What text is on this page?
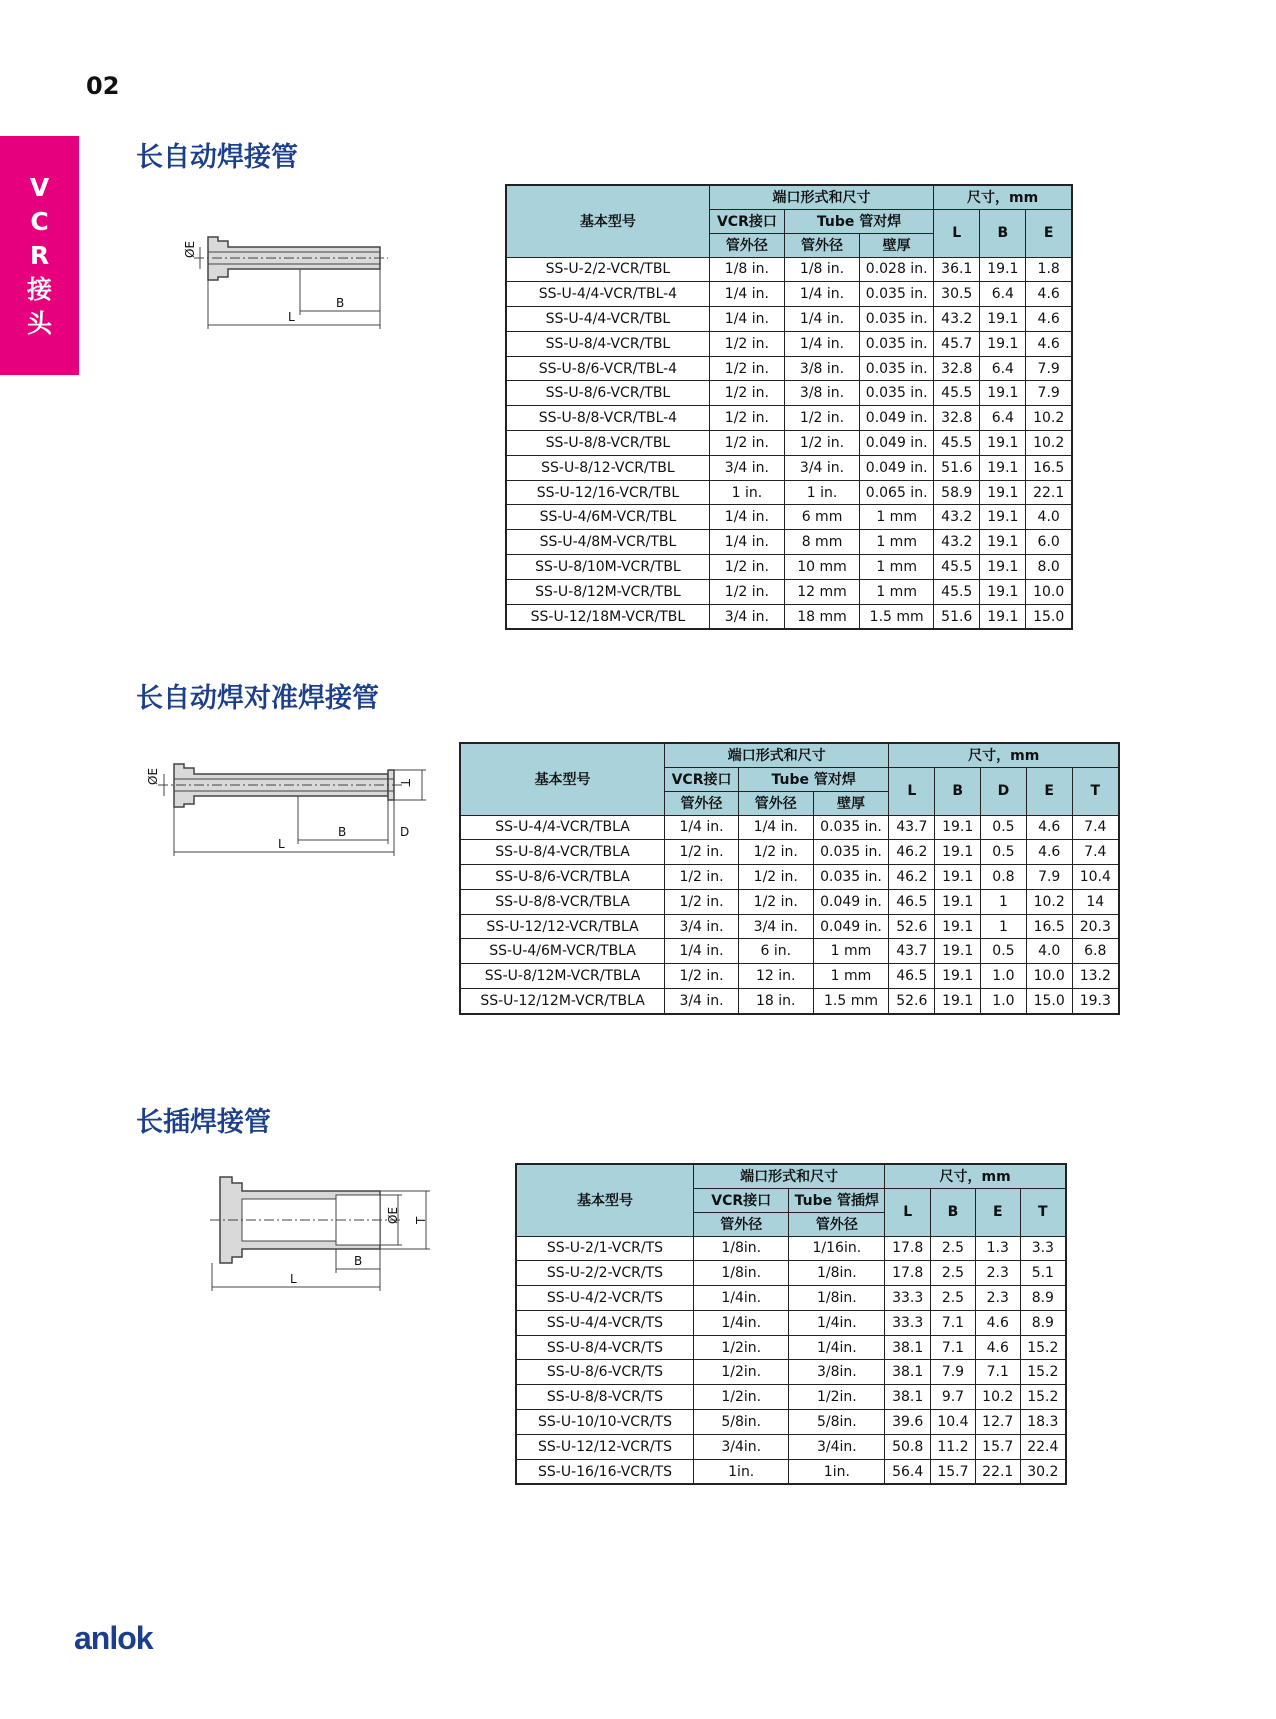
02
V
C
R
接
头
长自动焊接管
ØE
B
L
基本型号	端口形式和尺寸			尺寸，mm		
	VCR接口	Tube 管对焊		L	B	E
	管外径	管外径	壁厚			
SS-U-2/2-VCR/TBL	1/8 in.	1/8 in.	0.028 in.	36.1	19.1	1.8
SS-U-4/4-VCR/TBL-4	1/4 in.	1/4 in.	0.035 in.	30.5	6.4	4.6
SS-U-4/4-VCR/TBL	1/4 in.	1/4 in.	0.035 in.	43.2	19.1	4.6
SS-U-8/4-VCR/TBL	1/2 in.	1/4 in.	0.035 in.	45.7	19.1	4.6
SS-U-8/6-VCR/TBL-4	1/2 in.	3/8 in.	0.035 in.	32.8	6.4	7.9
SS-U-8/6-VCR/TBL	1/2 in.	3/8 in.	0.035 in.	45.5	19.1	7.9
SS-U-8/8-VCR/TBL-4	1/2 in.	1/2 in.	0.049 in.	32.8	6.4	10.2
SS-U-8/8-VCR/TBL	1/2 in.	1/2 in.	0.049 in.	45.5	19.1	10.2
SS-U-8/12-VCR/TBL	3/4 in.	3/4 in.	0.049 in.	51.6	19.1	16.5
SS-U-12/16-VCR/TBL	1 in.	1 in.	0.065 in.	58.9	19.1	22.1
SS-U-4/6M-VCR/TBL	1/4 in.	6 mm	1 mm	43.2	19.1	4.0
SS-U-4/8M-VCR/TBL	1/4 in.	8 mm	1 mm	43.2	19.1	6.0
SS-U-8/10M-VCR/TBL	1/2 in.	10 mm	1 mm	45.5	19.1	8.0
SS-U-8/12M-VCR/TBL	1/2 in.	12 mm	1 mm	45.5	19.1	10.0
SS-U-12/18M-VCR/TBL	3/4 in.	18 mm	1.5 mm	51.6	19.1	15.0
长自动焊对准焊接管
ØE	T
B	D
L
基本型号	端口形式和尺寸			尺寸，mm				
	VCR接口	Tube 管对焊		L	B	D	E	T
	管外径	管外径	壁厚					
SS-U-4/4-VCR/TBLA	1/4 in.	1/4 in.	0.035 in.	43.7	19.1	0.5	4.6	7.4
SS-U-8/4-VCR/TBLA	1/2 in.	1/2 in.	0.035 in.	46.2	19.1	0.5	4.6	7.4
SS-U-8/6-VCR/TBLA	1/2 in.	1/2 in.	0.035 in.	46.2	19.1	0.8	7.9	10.4
SS-U-8/8-VCR/TBLA	1/2 in.	1/2 in.	0.049 in.	46.5	19.1	1	10.2	14
SS-U-12/12-VCR/TBLA	3/4 in.	3/4 in.	0.049 in.	52.6	19.1	1	16.5	20.3
SS-U-4/6M-VCR/TBLA	1/4 in.	6 in.	1 mm	43.7	19.1	0.5	4.0	6.8
SS-U-8/12M-VCR/TBLA	1/2 in.	12 in.	1 mm	46.5	19.1	1.0	10.0	13.2
SS-U-12/12M-VCR/TBLA	3/4 in.	18 in.	1.5 mm	52.6	19.1	1.0	15.0	19.3
长插焊接管
ØE T
B
L
基本型号	端口形式和尺寸		尺寸，mm			
	VCR接口	Tube 管插焊	L	B	E	T
	管外径	管外径				
SS-U-2/1-VCR/TS	1/8in.	1/16in.	17.8	2.5	1.3	3.3
SS-U-2/2-VCR/TS	1/8in.	1/8in.	17.8	2.5	2.3	5.1
SS-U-4/2-VCR/TS	1/4in.	1/8in.	33.3	2.5	2.3	8.9
SS-U-4/4-VCR/TS	1/4in.	1/4in.	33.3	7.1	4.6	8.9
SS-U-8/4-VCR/TS	1/2in.	1/4in.	38.1	7.1	4.6	15.2
SS-U-8/6-VCR/TS	1/2in.	3/8in.	38.1	7.9	7.1	15.2
SS-U-8/8-VCR/TS	1/2in.	1/2in.	38.1	9.7	10.2	15.2
SS-U-10/10-VCR/TS	5/8in.	5/8in.	39.6	10.4	12.7	18.3
SS-U-12/12-VCR/TS	3/4in.	3/4in.	50.8	11.2	15.7	22.4
SS-U-16/16-VCR/TS	1in.	1in.	56.4	15.7	22.1	30.2
anlok
